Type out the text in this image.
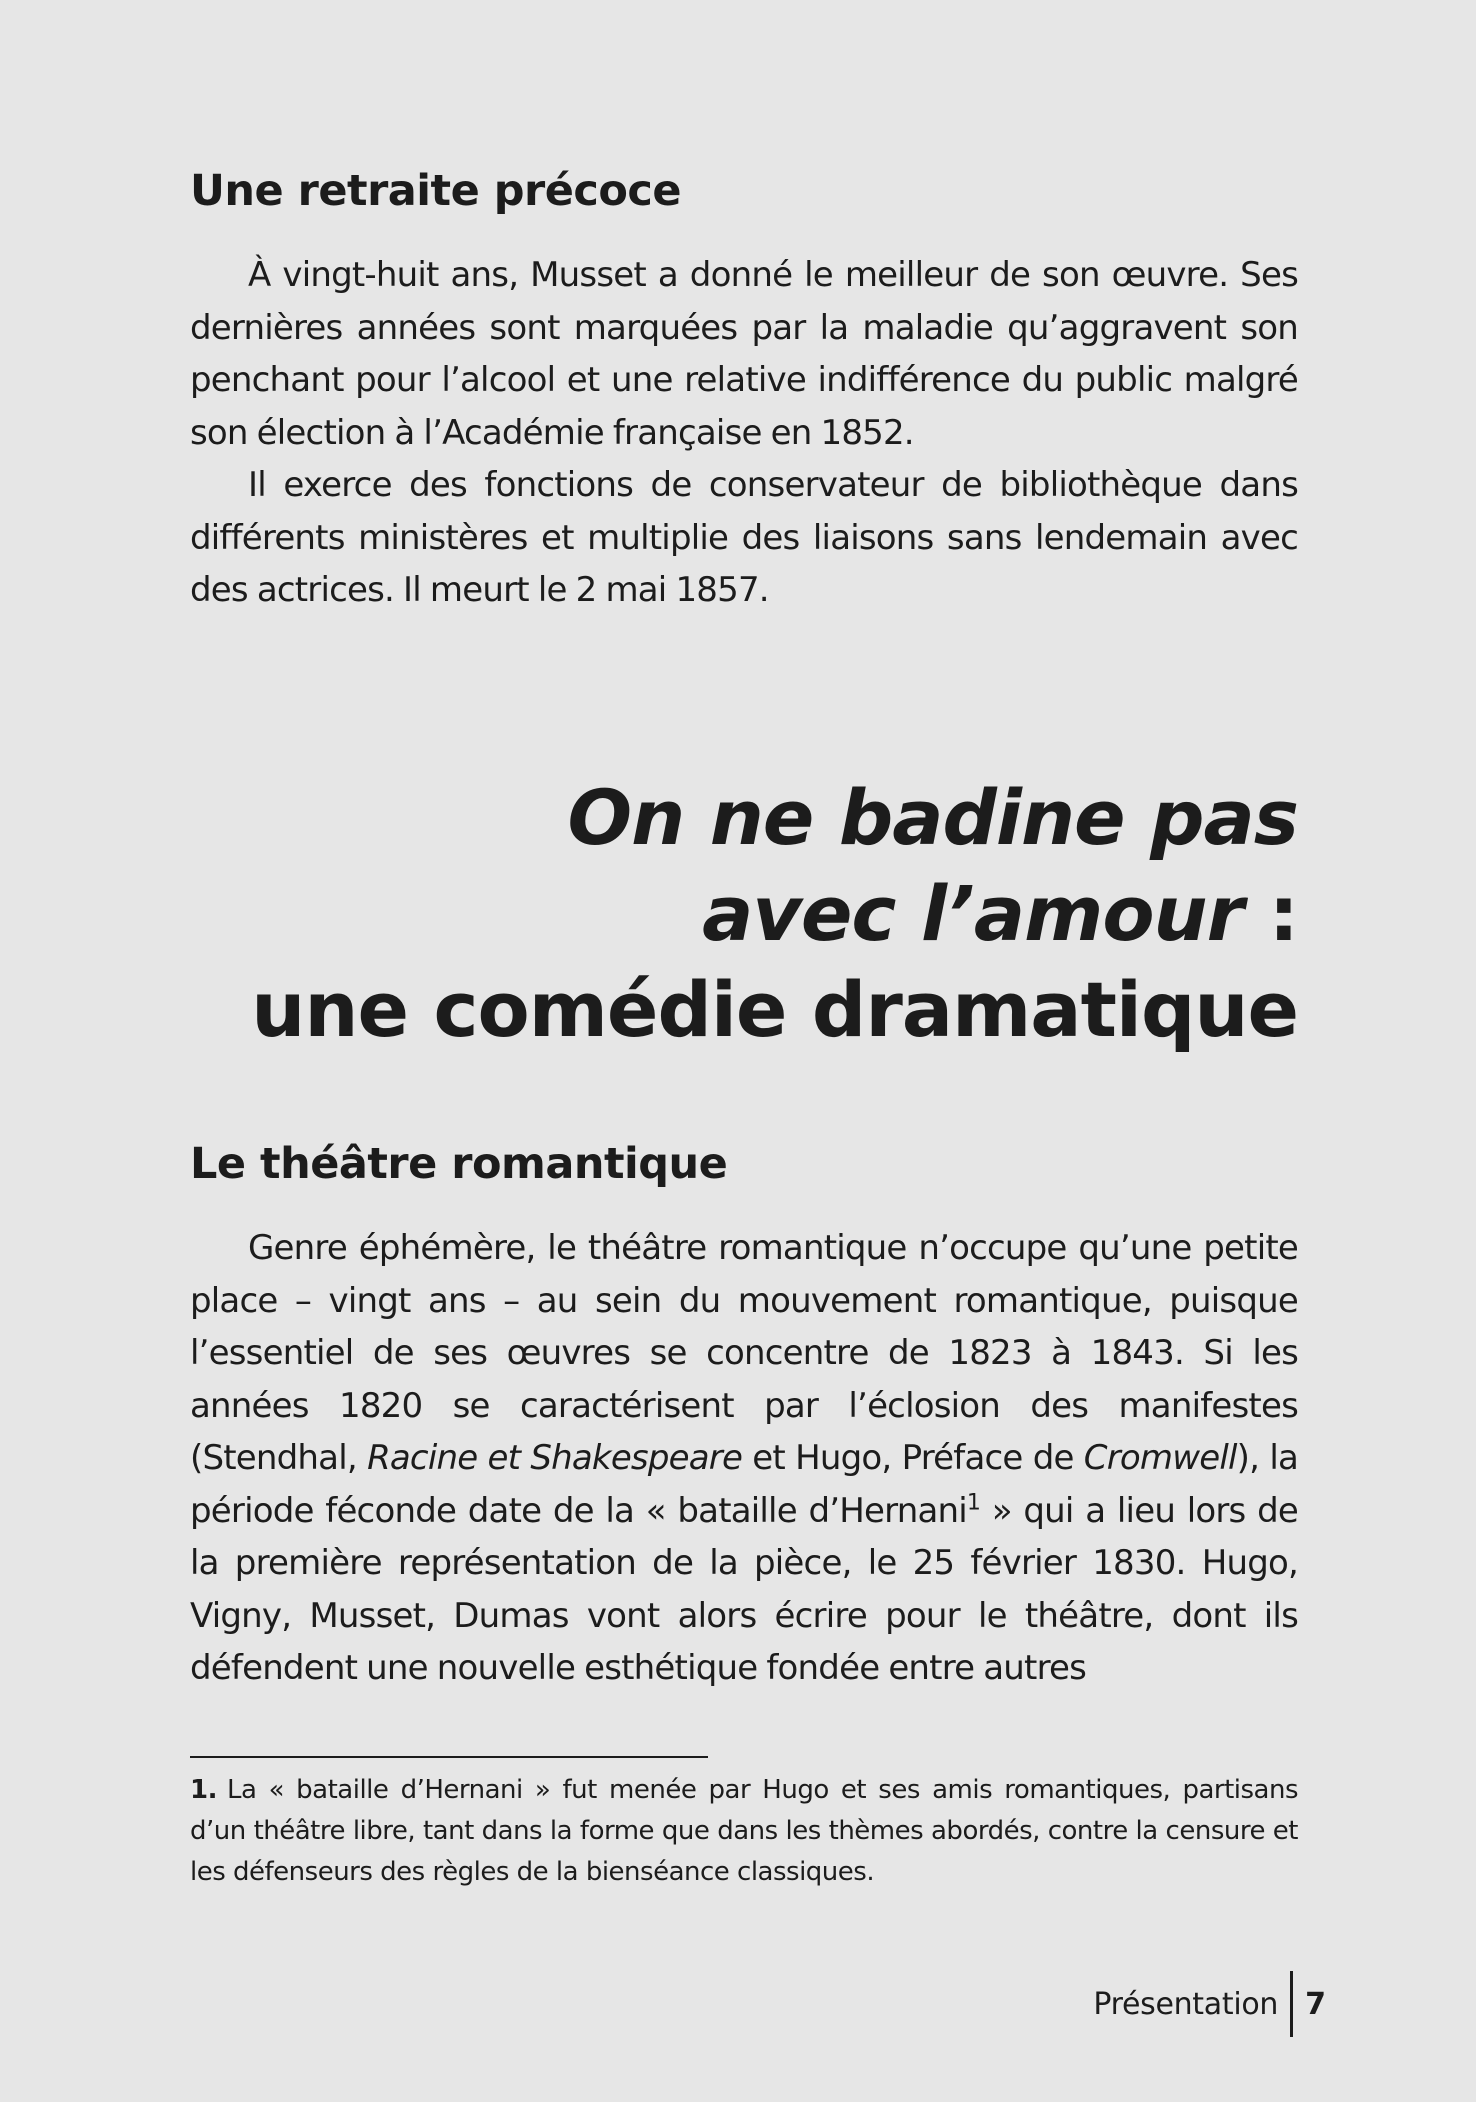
Une retraite précoce

À vingt-huit ans, Musset a donné le meilleur de son œuvre. Ses dernières années sont marquées par la maladie qu’aggravent son penchant pour l’alcool et une relative indifférence du public malgré son élection à l’Académie française en 1852.

Il exerce des fonctions de conservateur de bibliothèque dans différents ministères et multiplie des liaisons sans lendemain avec des actrices. Il meurt le 2 mai 1857.

On ne badine pas
avec l’amour :
une comédie dramatique
Le théâtre romantique

Genre éphémère, le théâtre romantique n’occupe qu’une petite place – vingt ans – au sein du mouvement romantique, puisque l’essentiel de ses œuvres se concentre de 1823 à 1843. Si les années 1820 se caractérisent par l’éclosion des manifestes (Stendhal, Racine et Shakespeare et Hugo, Préface de Cromwell), la période féconde date de la « bataille d’Hernani$^1$ » qui a lieu lors de la première représentation de la pièce, le 25 février 1830. Hugo, Vigny, Musset, Dumas vont alors écrire pour le théâtre, dont ils défendent une nouvelle esthétique fondée entre autres

1. La « bataille d’Hernani » fut menée par Hugo et ses amis romantiques, partisans d’un théâtre libre, tant dans la forme que dans les thèmes abordés, contre la censure et les défenseurs des règles de la bienséance classiques.
Présentation 7
